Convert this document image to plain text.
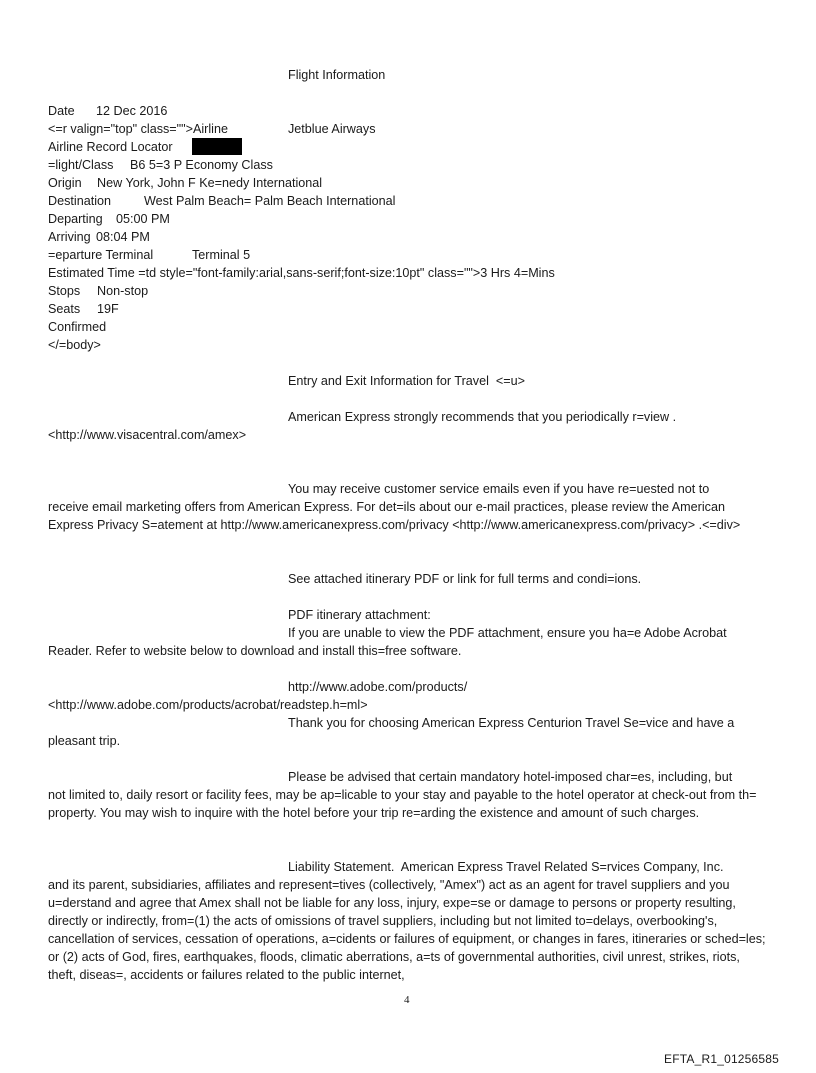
Flight Information
Date 12 Dec 2016
<=r valign="top" class="">Airline	Jetblue Airways
Airline Record Locator
=light/Class B6 5=3 P Economy Class
Origin New York, John F Ke=nedy International
Destination	West Palm Beach= Palm Beach International
Departing 05:00 PM
Arriving 08:04 PM
=eparture Terminal	Terminal 5
Estimated Time =td style="font-family:arial,sans-serif;font-size:10pt" class="">3 Hrs 4=Mins
Stops Non-stop
Seats 19F
Confirmed
</=body>
Entry and Exit Information for Travel  <=u>
American Express strongly recommends that you periodically r=view .
<http://www.visacentral.com/amex>
You may receive customer service emails even if you have re=uested not to
receive email marketing offers from American Express. For det=ils about our e-mail practices, please review the American Express Privacy S=atement at http://www.americanexpress.com/privacy <http://www.americanexpress.com/privacy> .<=div>
See attached itinerary PDF or link for full terms and condi=ions.
PDF itinerary attachment:
If you are unable to view the PDF attachment, ensure you ha=e Adobe Acrobat
Reader. Refer to website below to download and install this=free software.
http://www.adobe.com/products/
<http://www.adobe.com/products/acrobat/readstep.h=ml>
Thank you for choosing American Express Centurion Travel Se=vice and have a
pleasant trip.
Please be advised that certain mandatory hotel-imposed char=es, including, but
not limited to, daily resort or facility fees, may be ap=licable to your stay and payable to the hotel operator at check-out from th= property. You may wish to inquire with the hotel before your trip re=arding the existence and amount of such charges.
Liability Statement.  American Express Travel Related S=rvices Company, Inc.
and its parent, subsidiaries, affiliates and represent=tives (collectively, "Amex") act as an agent for travel suppliers and you u=derstand and agree that Amex shall not be liable for any loss, injury, expe=se or damage to persons or property resulting, directly or indirectly, from=(1) the acts of omissions of travel suppliers, including but not limited to=delays, overbooking's, cancellation of services, cessation of operations, a=cidents or failures of equipment, or changes in fares, itineraries or sched=les; or (2) acts of God, fires, earthquakes, floods, climatic aberrations, a=ts of governmental authorities, civil unrest, strikes, riots, theft, diseas=, accidents or failures related to the public internet,
4
EFTA_R1_01256585
